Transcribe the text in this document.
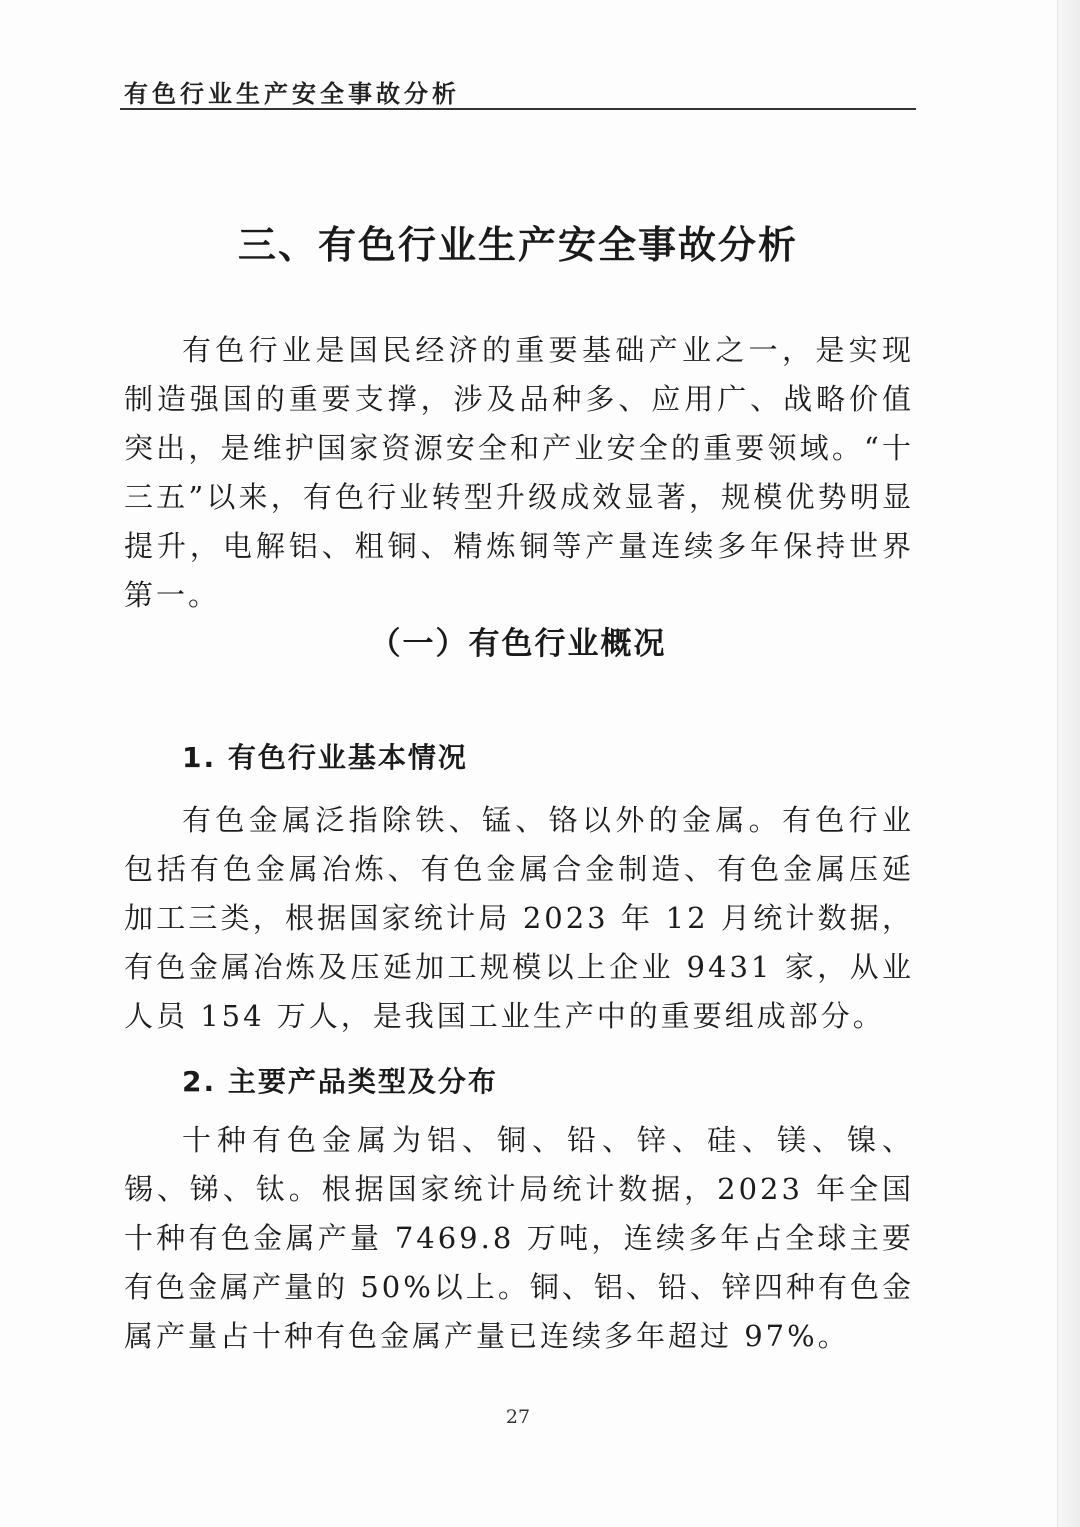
有色行业生产安全事故分析
三、有色行业生产安全事故分析

有色行业是国民经济的重要基础产业之一，是实现制造强国的重要支撑，涉及品种多、应用广、战略价值突出，是维护国家资源安全和产业安全的重要领域。“十三五”以来，有色行业转型升级成效显著，规模优势明显提升，电解铝、粗铜、精炼铜等产量连续多年保持世界第一。

（一）有色行业概况
1. 有色行业基本情况

有色金属泛指除铁、锰、铬以外的金属。有色行业包括有色金属冶炼、有色金属合金制造、有色金属压延加工三类，根据国家统计局 2023 年 12 月统计数据，有色金属冶炼及压延加工规模以上企业 9431 家，从业人员 154 万人，是我国工业生产中的重要组成部分。

2. 主要产品类型及分布

十种有色金属为铝、铜、铅、锌、硅、镁、镍、锡、锑、钛。根据国家统计局统计数据，2023 年全国十种有色金属产量 7469.8 万吨，连续多年占全球主要有色金属产量的 50%以上。铜、铝、铅、锌四种有色金属产量占十种有色金属产量已连续多年超过 97%。

27
